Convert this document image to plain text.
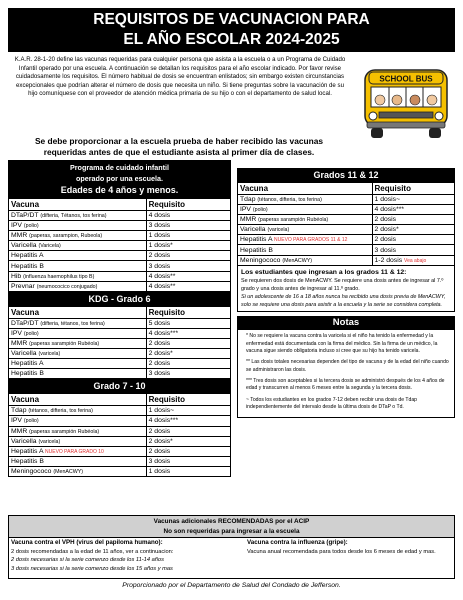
REQUISITOS DE VACUNACION PARA
EL AÑO ESCOLAR 2024-2025
K.A.R. 28-1-20 define las vacunas requeridas para cualquier persona que asista a la escuela o a un Programa de Cuidado Infantil operado por una escuela. A continuación se detallan los requisitos para el año escolar indicado. Por favor revise cuidadosamente los requisitos. El número habitual de dosis se encuentran enlistados; sin embargo existen circunstancias excepcionales que podrían alterar el número de dosis que necesita un niño. Si tiene preguntas sobre la vacunación de su hijo comuníquese con el proveedor de atención médica primaria de su hijo o con el departamento de salud local.
Se debe proporcionar a la escuela prueba de haber recibido las vacunas requeridas antes de que el estudiante asista al primer día de clases.
SCHOOL BUS
Programa de cuidado infantil
operado por una escuela.
Edades de 4 años y menos.
Vacuna	Requisito
DTaP/DT (difteria, Tétanos, tos ferina)	4 dosis
IPV (polio)	3 dosis
MMR (paperas, sarampion, Rubeola)	1 dosis
Varicella (Varicela)	1 dosis*
Hepatitis A	2 dosis
Hepatitis B	3 dosis
Hib (influenza haemophilus tipo B)	4 dosis**
Prevnar (neumococico conjugado)	4 dosis**
KDG - Grado 6
Vacuna	Requisito
DTaP/DT (difteria, tétanos, tos ferina)	5 dosis
IPV (polio)	4 dosis***
MMR (paperas sarampión Rubéola)	2 dosis
Varicella (varicela)	2 dosis*
Hepatitis A	2 dosis
Hepatitis B	3 dosis
Grado 7 - 10
Vacuna	Requisito
Tdap (tétanos, difteria, tos ferina)	1 dosis~
IPV (polio)	4 dosis***
MMR (paperas sarampión Rubéola)	2 dosis
Varicella (varicela)	2 dosis*
Hepatitis A NUEVO PARA GRADO 10	2 dosis
Hepatitis B	3 dosis
Meningococo (MenACWY)	1 dosis
Grados 11 & 12
Vacuna	Requisito
Tdap (tétanos, difteria, tos ferina)	1 dosis~
IPV (polio)	4 dosis***
MMR (paperas sarampión Rubéola)	2 dosis
Varicella (varicela)	2 dosis*
Hepatitis A NUEVO PARA GRADOS 11 & 12	2 dosis
Hepatitis B	3 dosis
Meningococo (MenACWY)	1-2 dosis Vea abajo
Los estudiantes que ingresan a los grados 11 & 12:
Se requieren dos dosis de MenACWY. Se requiere una dosis antes de ingresar al 7.º grado y una dosis antes de ingresar al 11.º grado.
Si un adolescente de 16 a 18 años nunca ha recibido una dosis previa de MenACWY, solo se requiere una dosis para asistir a la escuela y la serie se considera completa.
Notas

* No se requiere la vacuna contra la varicela si el niño ha tenido la enfermedad y la enfermedad está documentada con la firma del médico. Sin la firma de un médico, la vacuna sigue siendo obligatoria incluso si cree que su hijo ha tenido varicela.

** Las dosis totales necesarias dependen del tipo de vacuna y de la edad del niño cuando se administraron las dosis.

*** Tres dosis son aceptables si la tercera dosis se administró después de los 4 años de edad y transcurren al menos 6 meses entre la segunda y la tercera dosis.

~ Todos los estudiantes en los grados 7-12 deben recibir una dosis de Tdap independientemente del intervalo desde la última dosis de DTaP o Td.

Vacunas adicionales RECOMENDADAS por el ACIP
No son requeridas para ingresar a la escuela
Vacuna contra el VPH (virus del papiloma humano):
2 dosis recomendadas a la edad de 11 años, ver a continuacion:
2 dosis necesarias si la serie comenzo desde los 11-14 años
3 dosis necesarias si la serie comenzo desde los 15 años y mas
Vacuna contra la influenza (gripe):
Vacuna anual recomendada para todos desde los 6 meses de edad y mas.
Proporcionado por el Departamento de Salud del Condado de Jefferson.
